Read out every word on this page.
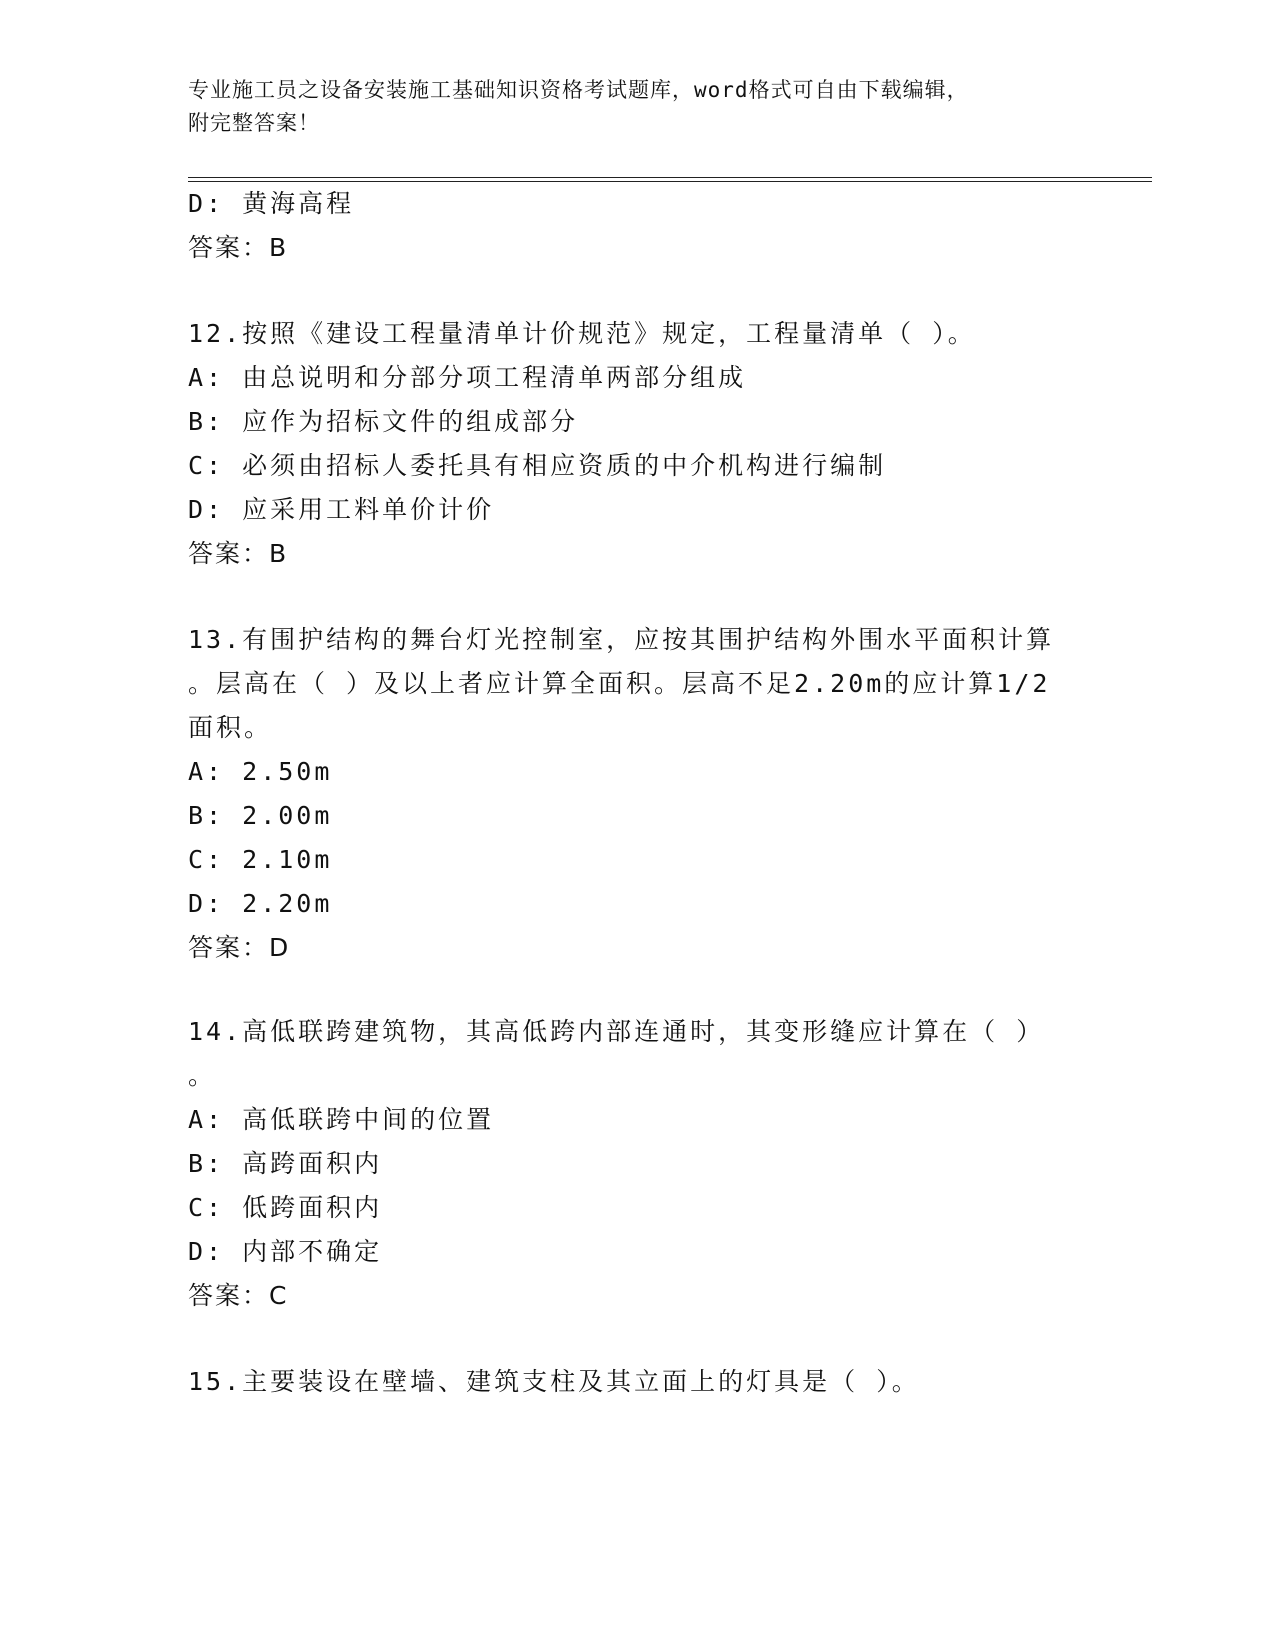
专业施工员之设备安装施工基础知识资格考试题库，word格式可自由下载编辑，
附完整答案！
D: 黄海高程
答案：B
12.按照《建设工程量清单计价规范》规定，工程量清单（ ）。
A: 由总说明和分部分项工程清单两部分组成
B: 应作为招标文件的组成部分
C: 必须由招标人委托具有相应资质的中介机构进行编制
D: 应采用工料单价计价
答案：B
13.有围护结构的舞台灯光控制室，应按其围护结构外围水平面积计算
。层高在（ ）及以上者应计算全面积。层高不足2.20m的应计算1/2
面积。
A: 2.50m
B: 2.00m
C: 2.10m
D: 2.20m
答案：D
14.高低联跨建筑物，其高低跨内部连通时，其变形缝应计算在（ ）
。
A: 高低联跨中间的位置
B: 高跨面积内
C: 低跨面积内
D: 内部不确定
答案：C
15.主要装设在壁墙、建筑支柱及其立面上的灯具是（ ）。
